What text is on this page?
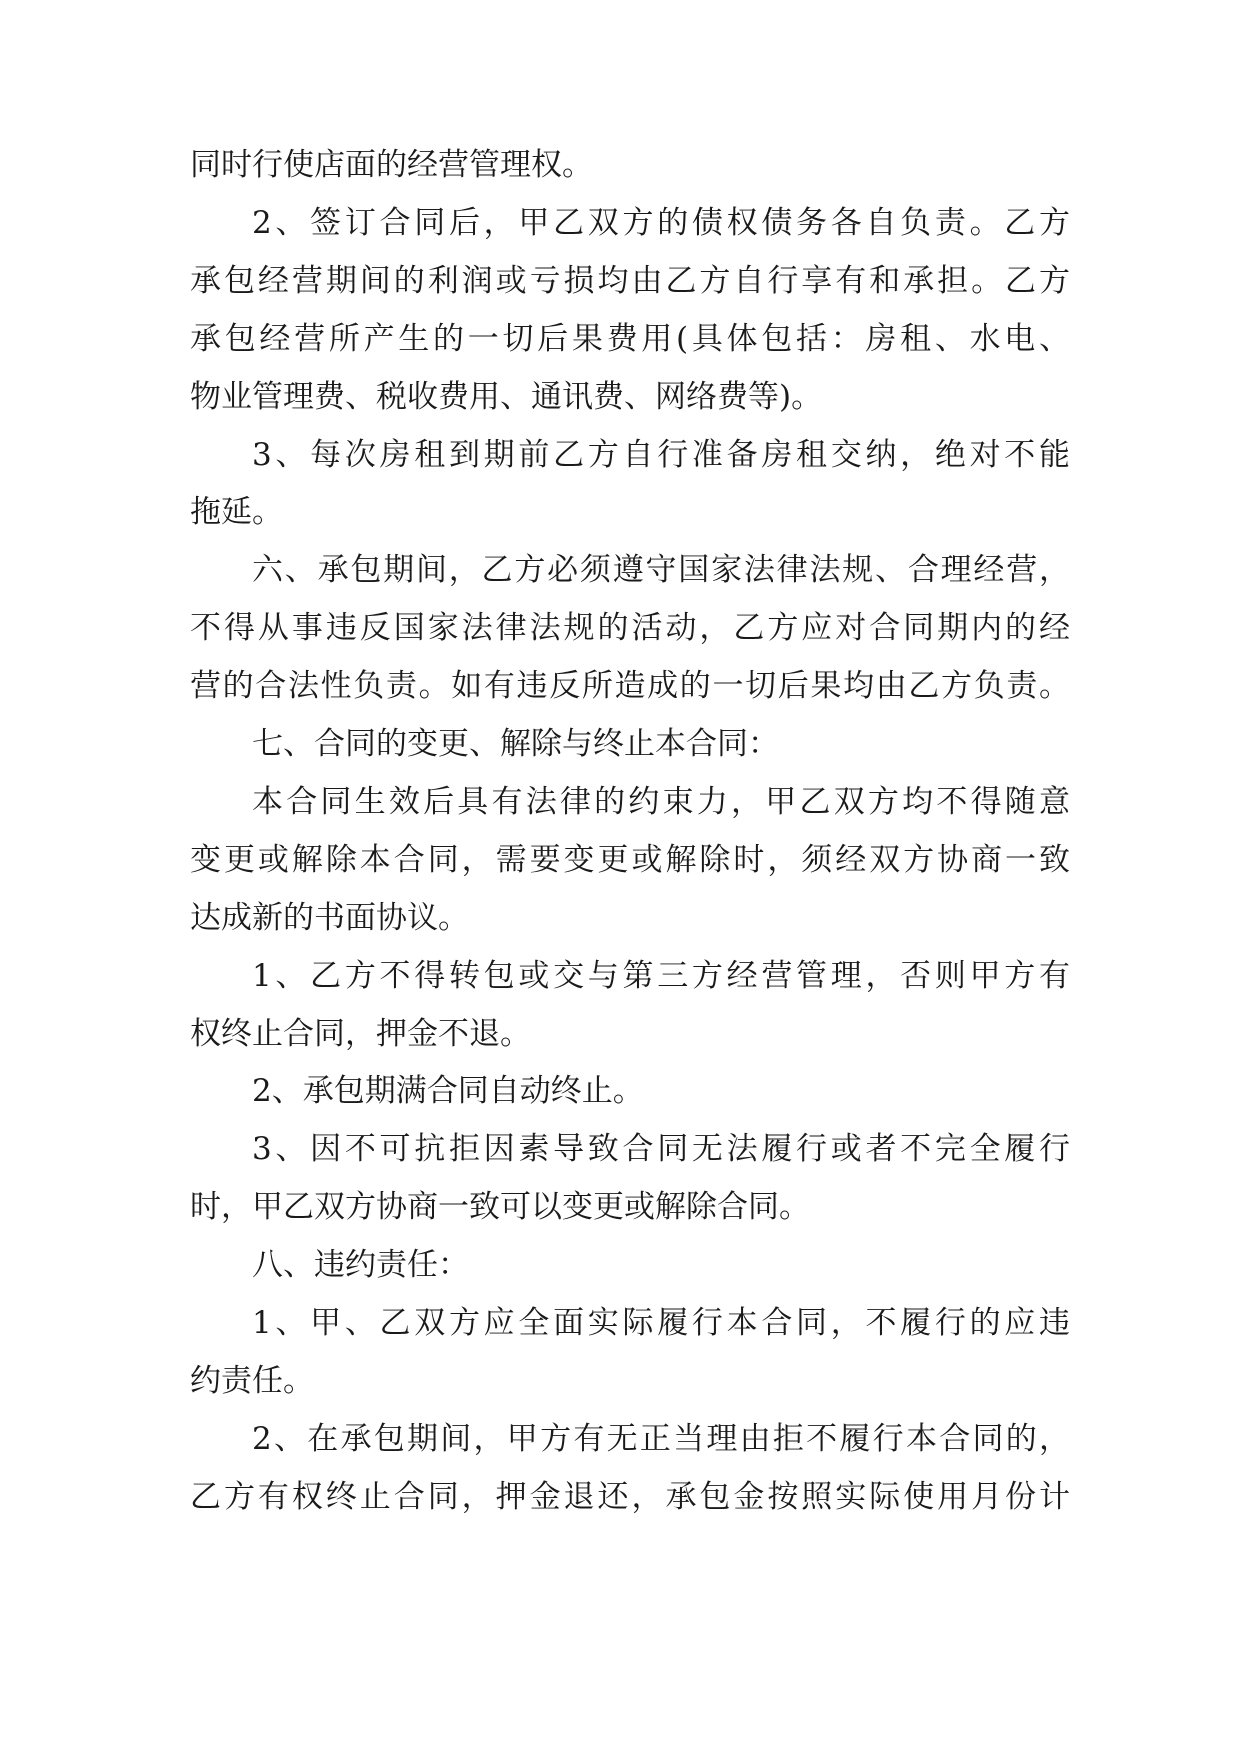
同时行使店面的经营管理权。
2、签订合同后，甲乙双方的债权债务各自负责。乙方
承包经营期间的利润或亏损均由乙方自行享有和承担。乙方
承包经营所产生的一切后果费用(具体包括：房租、水电、
物业管理费、税收费用、通讯费、网络费等)。
3、每次房租到期前乙方自行准备房租交纳，绝对不能
拖延。
六、承包期间，乙方必须遵守国家法律法规、合理经营，
不得从事违反国家法律法规的活动，乙方应对合同期内的经
营的合法性负责。如有违反所造成的一切后果均由乙方负责。
七、合同的变更、解除与终止本合同：
本合同生效后具有法律的约束力，甲乙双方均不得随意
变更或解除本合同，需要变更或解除时，须经双方协商一致
达成新的书面协议。
1、乙方不得转包或交与第三方经营管理，否则甲方有
权终止合同，押金不退。
2、承包期满合同自动终止。
3、因不可抗拒因素导致合同无法履行或者不完全履行
时，甲乙双方协商一致可以变更或解除合同。
八、违约责任：
1、甲、乙双方应全面实际履行本合同，不履行的应违
约责任。
2、在承包期间，甲方有无正当理由拒不履行本合同的，
乙方有权终止合同，押金退还，承包金按照实际使用月份计
